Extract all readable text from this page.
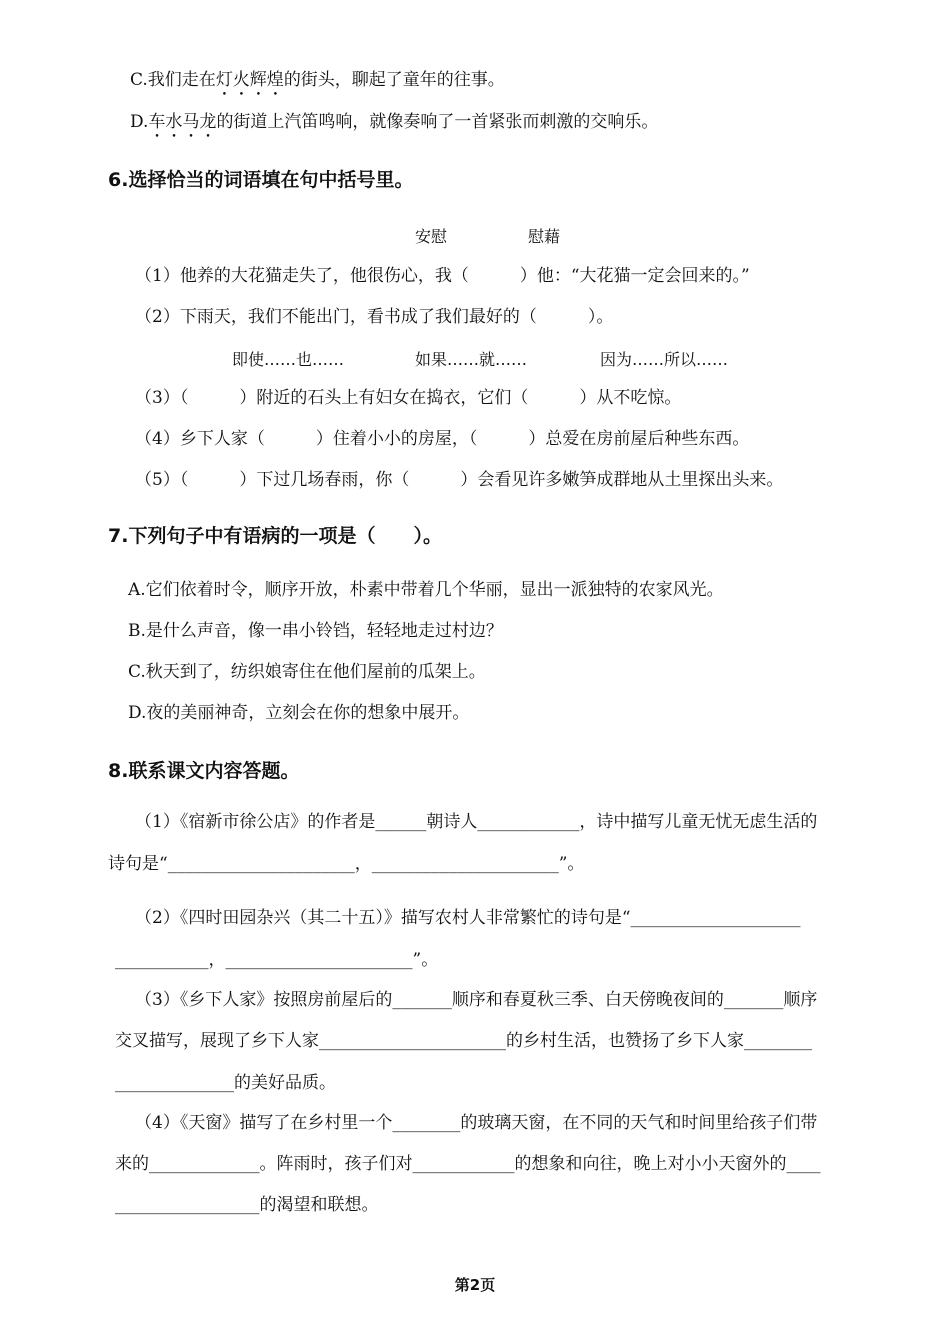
C.我们走在灯火辉煌的街头，聊起了童年的往事。
D.车水马龙的街道上汽笛鸣响，就像奏响了一首紧张而刺激的交响乐。
6.选择恰当的词语填在句中括号里。
安慰	慰藉
（1）他养的大花猫走失了，他很伤心，我（　　　）他：“大花猫一定会回来的。”
（2）下雨天，我们不能出门，看书成了我们最好的（　　　）。
即使……也……	如果……就……	因为……所以……
（3）（　　　）附近的石头上有妇女在捣衣，它们（　　　）从不吃惊。
（4）乡下人家（　　　）住着小小的房屋，（　　　）总爱在房前屋后种些东西。
（5）（　　　）下过几场春雨，你（　　　）会看见许多嫩笋成群地从土里探出头来。
7.下列句子中有语病的一项是（　　）。
A.它们依着时令，顺序开放，朴素中带着几个华丽，显出一派独特的农家风光。
B.是什么声音，像一串小铃铛，轻轻地走过村边？
C.秋天到了，纺织娘寄住在他们屋前的瓜架上。
D.夜的美丽神奇，立刻会在你的想象中展开。
8.联系课文内容答题。
（1）《宿新市徐公店》的作者是______朝诗人____________，诗中描写儿童无忧无虑生活的
诗句是“______________________，______________________”。
（2）《四时田园杂兴（其二十五）》描写农村人非常繁忙的诗句是“____________________
___________，______________________”。
（3）《乡下人家》按照房前屋后的_______顺序和春夏秋三季、白天傍晚夜间的_______顺序
交叉描写，展现了乡下人家______________________的乡村生活，也赞扬了乡下人家________
______________的美好品质。
（4）《天窗》描写了在乡村里一个________的玻璃天窗，在不同的天气和时间里给孩子们带
来的_____________。阵雨时，孩子们对____________的想象和向往，晚上对小小天窗外的____
_________________的渴望和联想。
第2页
